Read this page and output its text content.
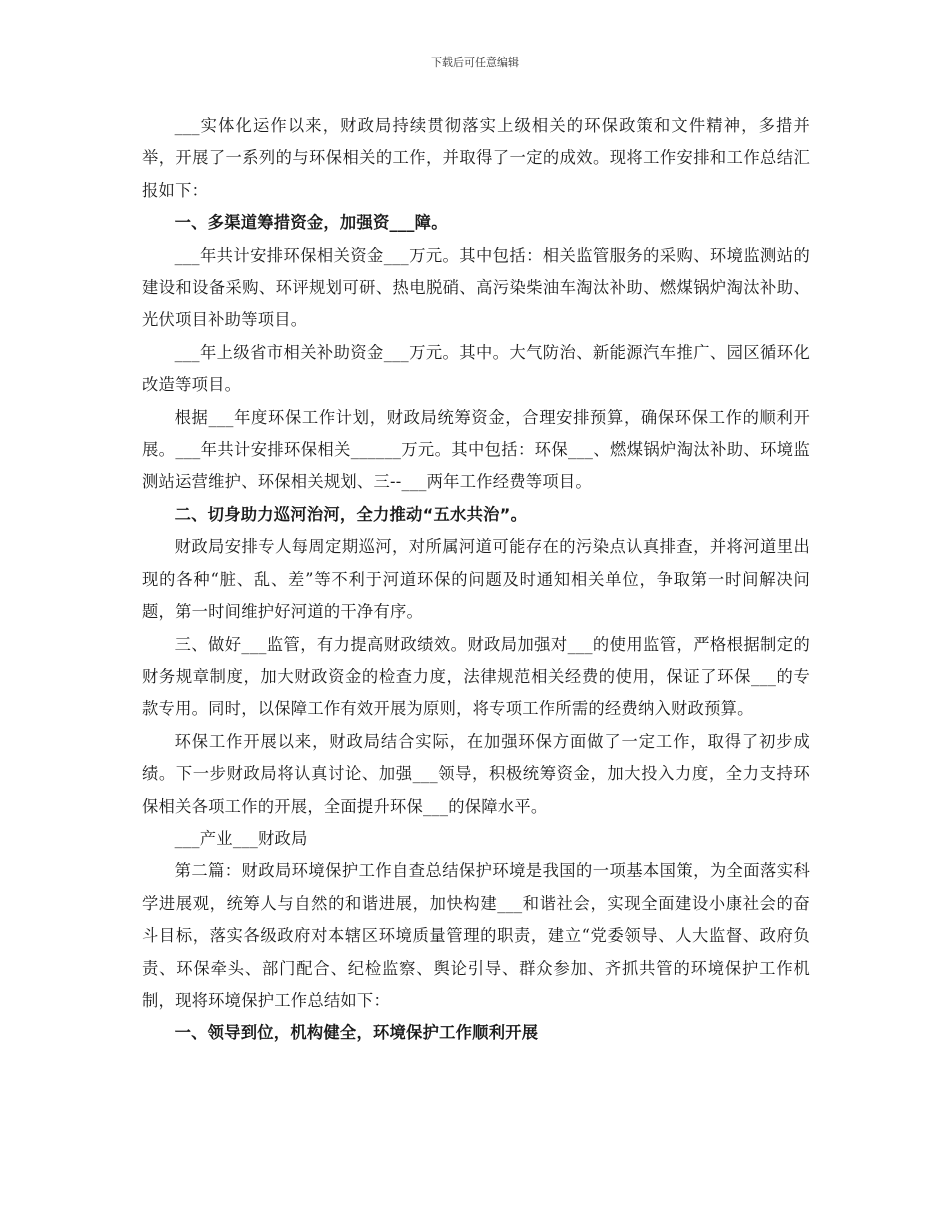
下载后可任意编辑

___实体化运作以来，财政局持续贯彻落实上级相关的环保政策和文件精神，多措并举，开展了一系列的与环保相关的工作，并取得了一定的成效。现将工作安排和工作总结汇报如下：

一、多渠道筹措资金，加强资___障。

___年共计安排环保相关资金___万元。其中包括：相关监管服务的采购、环境监测站的建设和设备采购、环评规划可研、热电脱硝、高污染柴油车淘汰补助、燃煤锅炉淘汰补助、光伏项目补助等项目。

___年上级省市相关补助资金___万元。其中。大气防治、新能源汽车推广、园区循环化改造等项目。

根据___年度环保工作计划，财政局统筹资金，合理安排预算，确保环保工作的顺利开展。___年共计安排环保相关______万元。其中包括：环保___、燃煤锅炉淘汰补助、环境监测站运营维护、环保相关规划、三--___两年工作经费等项目。

二、切身助力巡河治河，全力推动“五水共治”。

财政局安排专人每周定期巡河，对所属河道可能存在的污染点认真排查，并将河道里出现的各种“脏、乱、差”等不利于河道环保的问题及时通知相关单位，争取第一时间解决问题，第一时间维护好河道的干净有序。

三、做好___监管，有力提高财政绩效。财政局加强对___的使用监管，严格根据制定的财务规章制度，加大财政资金的检查力度，法律规范相关经费的使用，保证了环保___的专款专用。同时，以保障工作有效开展为原则，将专项工作所需的经费纳入财政预算。

环保工作开展以来，财政局结合实际，在加强环保方面做了一定工作，取得了初步成绩。下一步财政局将认真讨论、加强___领导，积极统筹资金，加大投入力度，全力支持环保相关各项工作的开展，全面提升环保___的保障水平。

___产业___财政局

第二篇：财政局环境保护工作自查总结保护环境是我国的一项基本国策，为全面落实科学进展观，统筹人与自然的和谐进展，加快构建___和谐社会，实现全面建设小康社会的奋斗目标，落实各级政府对本辖区环境质量管理的职责，建立“党委领导、人大监督、政府负责、环保牵头、部门配合、纪检监察、舆论引导、群众参加、齐抓共管的环境保护工作机制，现将环境保护工作总结如下：

一、领导到位，机构健全，环境保护工作顺利开展
